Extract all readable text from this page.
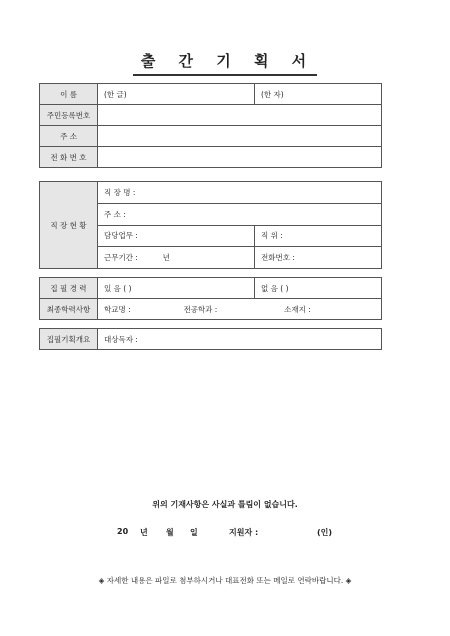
출 간 기 획 서
이 름	(한 글)	(한 자)
주민등록번호		
주 소		
전 화 번 호		
직 장 현 황	직 장 명 :	
	주 소 :	
	담당업무 :	직 위 :
	근무기간 : 년	전화번호 :
집 필 경 력	있 음 ( )	없 음 ( )
최종학력사항	학교명 : 전공학과 : 소재지 :	
집필기획개요	대상독자 :
위의 기재사항은 사실과 틀림이 없습니다.
20 년 월 일	지원자 :	(인)
◈ 자세한 내용은 파일로 첨부하시거나 대표전화 또는 메일로 연락바랍니다. ◈
